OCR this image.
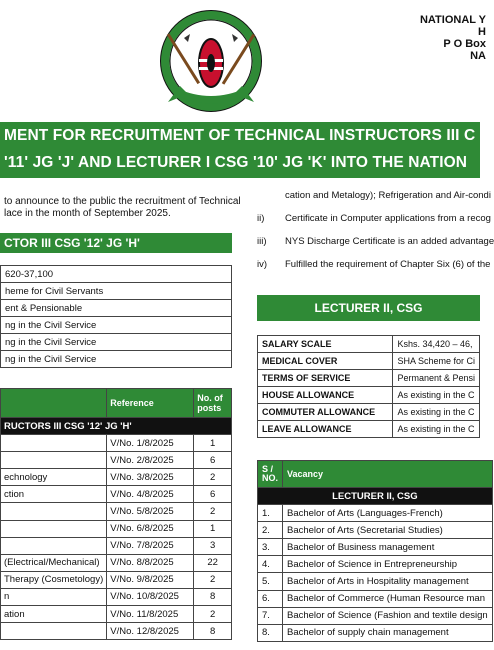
NATIONAL Y
H
P O Box
NA
MENT FOR RECRUITMENT OF TECHNICAL INSTRUCTORS III C
'11' JG 'J' AND LECTURER I CSG '10' JG 'K' INTO THE NATION
to announce to the public the recruitment of Technical
lace in the month of September 2025.
CTOR III CSG '12' JG 'H'
620-37,100
heme for Civil Servants
ent & Pensionable
ng in the Civil Service
ng in the Civil Service
ng in the Civil Service
	Reference	No. of posts
RUCTORS III CSG '12' JG 'H'		
	V/No. 1/8/2025	1
	V/No. 2/8/2025	6
echnology	V/No. 3/8/2025	2
ction	V/No. 4/8/2025	6
	V/No. 5/8/2025	2
	V/No. 6/8/2025	1
	V/No. 7/8/2025	3
(Electrical/Mechanical)	V/No. 8/8/2025	22
Therapy (Cosmetology)	V/No. 9/8/2025	2
n	V/No. 10/8/2025	8
ation	V/No. 11/8/2025	2
	V/No. 12/8/2025	8
cation and Metalogy); Refrigeration and Air-condi
ii)	Certificate in Computer applications from a recog
iii)	NYS Discharge Certificate is an added advantage
iv)	Fulfilled the requirement of Chapter Six (6) of the
LECTURER II, CSG
SALARY SCALE	Kshs. 34,420 – 46,
MEDICAL COVER	SHA Scheme for Ci
TERMS OF SERVICE	Permanent & Pensi
HOUSE ALLOWANCE	As existing in the C
COMMUTER ALLOWANCE	As existing in the C
LEAVE ALLOWANCE	As existing in the C
S / NO.	Vacancy
LECTURER II, CSG	
1.	Bachelor of Arts (Languages-French)
2.	Bachelor of Arts (Secretarial Studies)
3.	Bachelor of Business management
4.	Bachelor of Science in Entrepreneurship
5.	Bachelor of Arts in Hospitality management
6.	Bachelor of Commerce (Human Resource man
7.	Bachelor of Science (Fashion and textile design
8.	Bachelor of supply chain management
